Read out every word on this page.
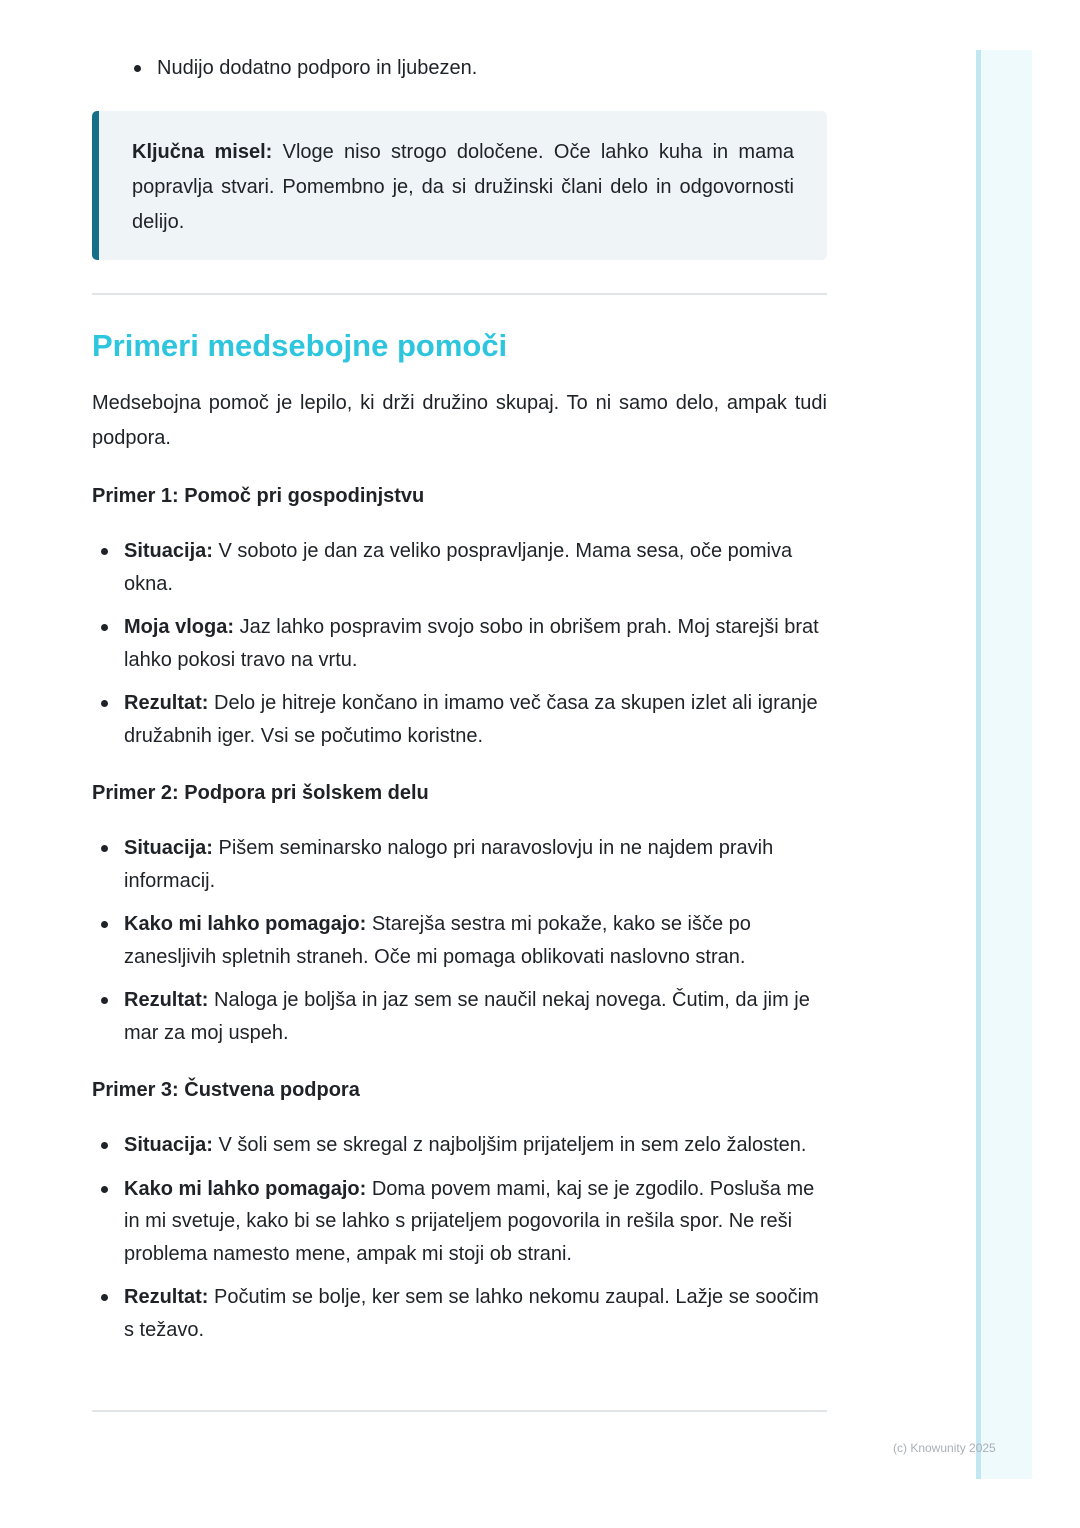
Nudijo dodatno podporo in ljubezen.

Ključna misel: Vloge niso strogo določene. Oče lahko kuha in mama popravlja stvari. Pomembno je, da si družinski člani delo in odgovornosti delijo.

Primeri medsebojne pomoči

Medsebojna pomoč je lepilo, ki drži družino skupaj. To ni samo delo, ampak tudi podpora.

Primer 1: Pomoč pri gospodinjstvu
Situacija: V soboto je dan za veliko pospravljanje. Mama sesa, oče pomiva okna.
Moja vloga: Jaz lahko pospravim svojo sobo in obrišem prah. Moj starejši brat lahko pokosi travo na vrtu.
Rezultat: Delo je hitreje končano in imamo več časa za skupen izlet ali igranje družabnih iger. Vsi se počutimo koristne.
Primer 2: Podpora pri šolskem delu
Situacija: Pišem seminarsko nalogo pri naravoslovju in ne najdem pravih informacij.
Kako mi lahko pomagajo: Starejša sestra mi pokaže, kako se išče po zanesljivih spletnih straneh. Oče mi pomaga oblikovati naslovno stran.
Rezultat: Naloga je boljša in jaz sem se naučil nekaj novega. Čutim, da jim je mar za moj uspeh.
Primer 3: Čustvena podpora
Situacija: V šoli sem se skregal z najboljšim prijateljem in sem zelo žalosten.
Kako mi lahko pomagajo: Doma povem mami, kaj se je zgodilo. Posluša me in mi svetuje, kako bi se lahko s prijateljem pogovorila in rešila spor. Ne reši problema namesto mene, ampak mi stoji ob strani.
Rezultat: Počutim se bolje, ker sem se lahko nekomu zaupal. Lažje se soočim s težavo.
(c) Knowunity 2025
